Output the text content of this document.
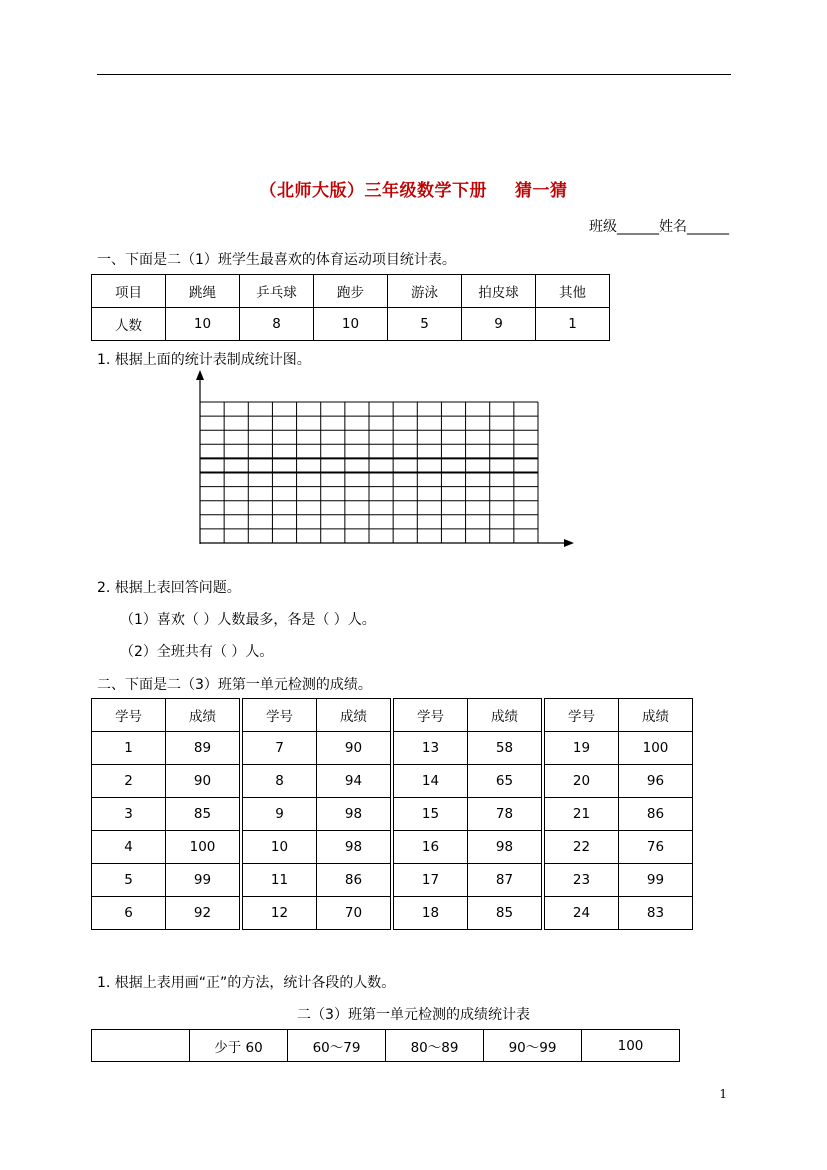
（北师大版）三年级数学下册 猜一猜
班级______姓名______
一、下面是二（1）班学生最喜欢的体育运动项目统计表。
项目	跳绳	乒乓球	跑步	游泳	拍皮球	其他
人数	10	8	10	5	9	1
1. 根据上面的统计表制成统计图。
2. 根据上表回答问题。
（1）喜欢（ ）人数最多，各是（ ）人。
（2）全班共有（ ）人。
二、下面是二（3）班第一单元检测的成绩。
学号	成绩	学号	成绩	学号	成绩	学号	成绩
1	89	7	90	13	58	19	100
2	90	8	94	14	65	20	96
3	85	9	98	15	78	21	86
4	100	10	98	16	98	22	76
5	99	11	86	17	87	23	99
6	92	12	70	18	85	24	83
1. 根据上表用画“正”的方法，统计各段的人数。
二（3）班第一单元检测的成绩统计表
	少于 60	60～79	80～89	90～99	100
1
